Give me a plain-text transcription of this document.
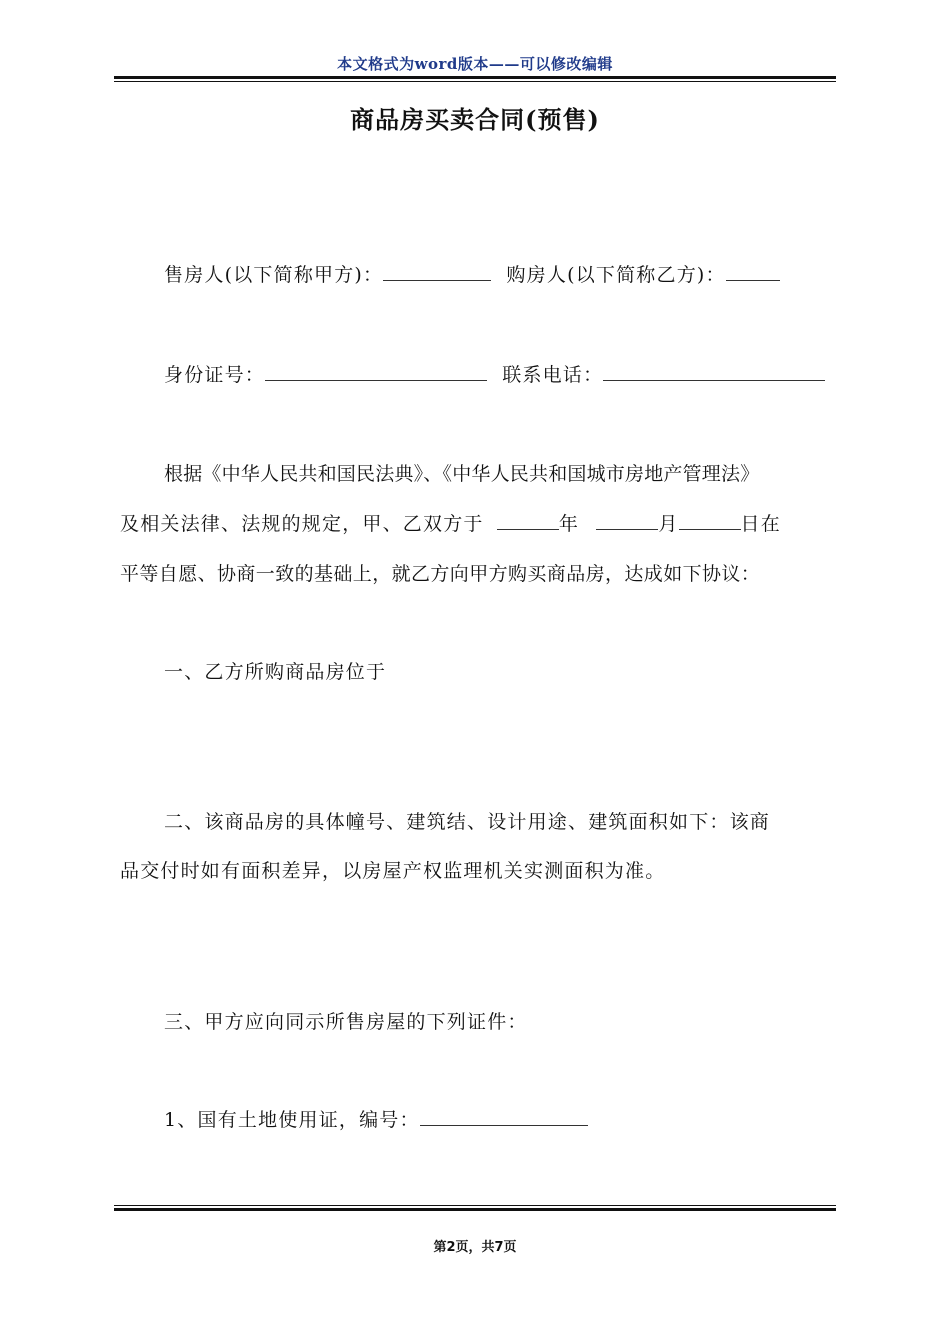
本文格式为word版本——可以修改编辑
商品房买卖合同(预售)
售房人(以下简称甲方)：	购房人(以下简称乙方)：
身份证号：	联系电话：
根据《中华人民共和国民法典》、《中华人民共和国城市房地产管理法》
及相关法律、法规的规定，甲、乙双方于	年	月	日在
平等自愿、协商一致的基础上，就乙方向甲方购买商品房，达成如下协议：
一、乙方所购商品房位于
二、该商品房的具体幢号、建筑结、设计用途、建筑面积如下：该商
品交付时如有面积差异，以房屋产权监理机关实测面积为准。
三、甲方应向同示所售房屋的下列证件：
1、国有土地使用证，编号：
第2页，共7页
